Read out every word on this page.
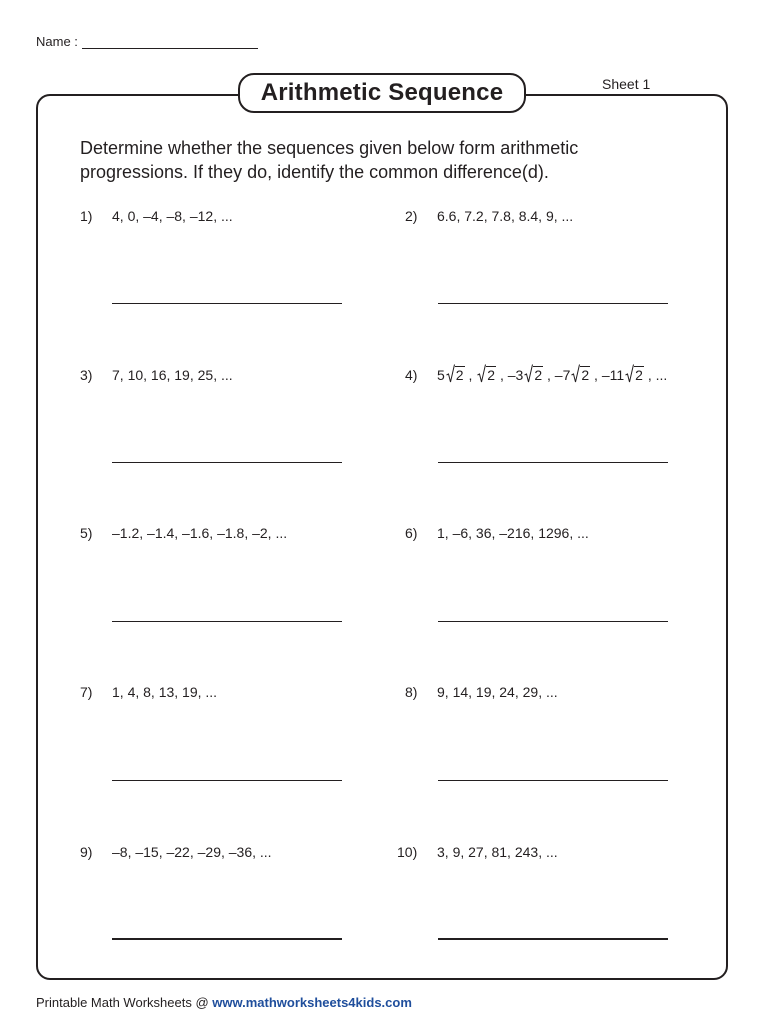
Name :
Sheet 1
Arithmetic Sequence
Determine whether the sequences given below form arithmetic progressions. If they do, identify the common difference(d).
1) 4, 0, –4, –8, –12, ...	2) 6.6, 7.2, 7.8, 8.4, 9, ...
3) 7, 10, 16, 19, 25, ...	4) 5 2 ,
2 , –3 2 , –7 2 , –11 2 , ...
5) –1.2, –1.4, –1.6, –1.8, –2, ...	6) 1, –6, 36, –216, 1296, ...
7) 1, 4, 8, 13, 19, ...	8) 9, 14, 19, 24, 29, ...
9) –8, –15, –22, –29, –36, ...	10) 3, 9, 27, 81, 243, ...
Printable Math Worksheets @ www.mathworksheets4kids.com
